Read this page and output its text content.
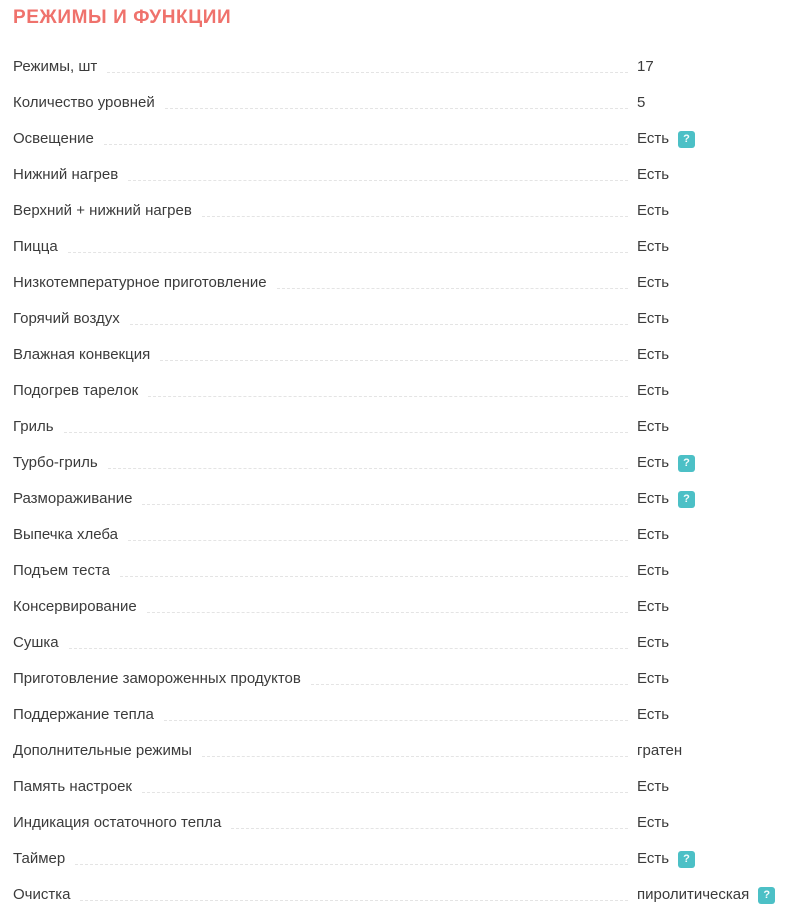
РЕЖИМЫ И ФУНКЦИИ
Режимы, шт	17
Количество уровней	5
Освещение	Есть	?
Нижний нагрев	Есть
Верхний + нижний нагрев	Есть
Пицца	Есть
Низкотемпературное приготовление	Есть
Горячий воздух	Есть
Влажная конвекция	Есть
Подогрев тарелок	Есть
Гриль	Есть
Турбо-гриль	Есть	?
Размораживание	Есть	?
Выпечка хлеба	Есть
Подъем теста	Есть
Консервирование	Есть
Сушка	Есть
Приготовление замороженных продуктов	Есть
Поддержание тепла	Есть
Дополнительные режимы	гратен
Память настроек	Есть
Индикация остаточного тепла	Есть
Таймер	Есть	?
Очистка	пиролитическая	?
